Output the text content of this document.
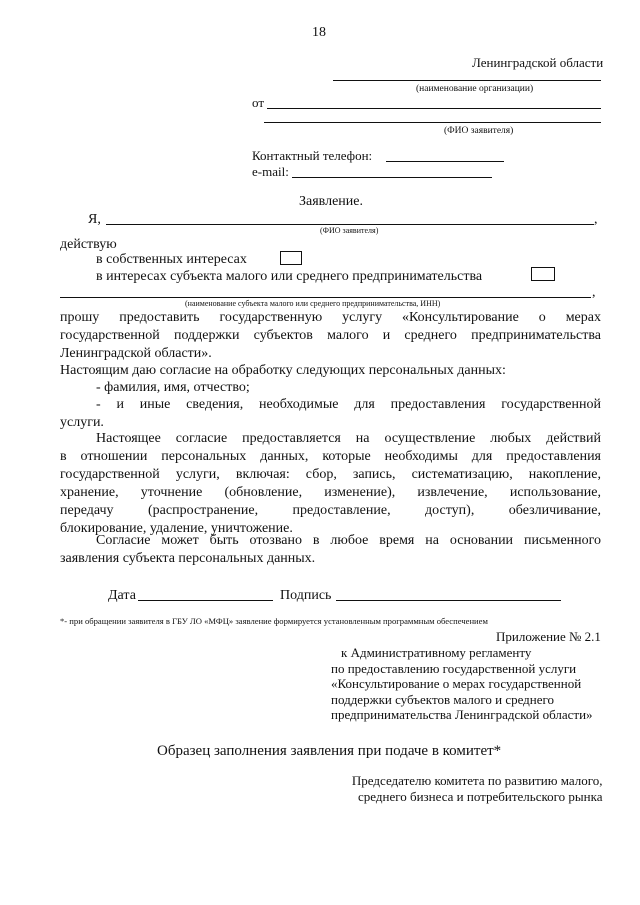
18
Ленинградской области
(наименование организации)
от
(ФИО заявителя)
Контактный телефон:
e-mail:
Заявление.
Я,	,
(ФИО заявителя)
действую
в собственных интересах
в интересах субъекта малого или среднего предпринимательства
,
(наименование субъекта малого или среднего предпринимательства, ИНН)
прошу предоставить государственную услугу «Консультирование о мерах
государственной поддержки субъектов малого и среднего предпринимательства
Ленинградской области».
Настоящим даю согласие на обработку следующих персональных данных:
- фамилия, имя, отчество;
- и иные сведения, необходимые для предоставления государственной
услуги.
Настоящее согласие предоставляется на осуществление любых действий
в отношении персональных данных, которые необходимы для предоставления
государственной услуги, включая: сбор, запись, систематизацию, накопление,
хранение, уточнение (обновление, изменение), извлечение, использование,
передачу (распространение, предоставление, доступ), обезличивание,
блокирование, удаление, уничтожение.
Согласие может быть отозвано в любое время на основании письменного
заявления субъекта персональных данных.
Дата	Подпись
*- при обращении заявителя в ГБУ ЛО «МФЦ» заявление формируется установленным программным обеспечением
Приложение № 2.1
к Административному регламенту
по предоставлению государственной услуги
«Консультирование о мерах государственной
поддержки субъектов малого и среднего
предпринимательства Ленинградской области»
Образец заполнения заявления при подаче в комитет*
Председателю комитета по развитию малого,
среднего бизнеса и потребительского рынка
